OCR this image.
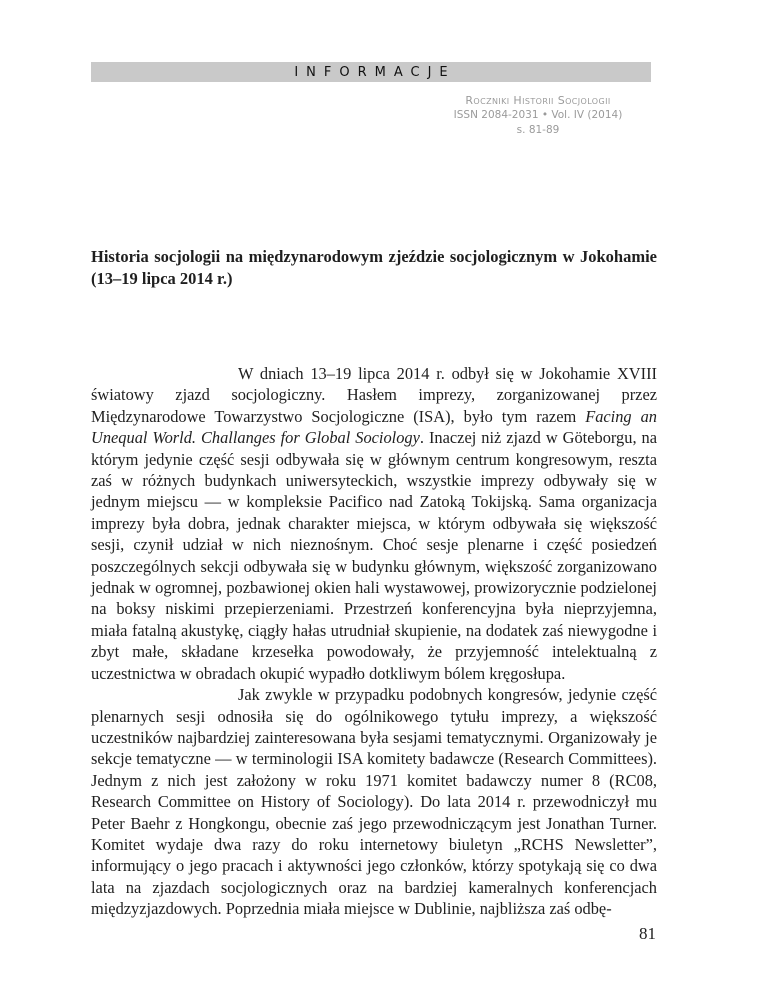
INFORMACJE
Roczniki Historii Socjologii
ISSN 2084-2031 • Vol. IV (2014)
s. 81-89
Historia socjologii na międzynarodowym zjeździe socjologicznym w Jokohamie (13–19 lipca 2014 r.)

W dniach 13–19 lipca 2014 r. odbył się w Jokohamie XVIII światowy zjazd socjologiczny. Hasłem imprezy, zorganizowanej przez Międzynarodowe Towarzystwo Socjologiczne (ISA), było tym razem Facing an Unequal World. Challanges for Global Sociology. Inaczej niż zjazd w Göteborgu, na którym jedynie część sesji odbywała się w głównym centrum kongresowym, reszta zaś w różnych budynkach uniwersyteckich, wszystkie imprezy odbywały się w jednym miejscu — w kompleksie Pacifico nad Zatoką Tokijską. Sama organizacja imprezy była dobra, jednak charakter miejsca, w którym odbywała się większość sesji, czynił udział w nich nieznośnym. Choć sesje plenarne i część posiedzeń poszczególnych sekcji odbywała się w budynku głównym, większość zorganizowano jednak w ogromnej, pozbawionej okien hali wystawowej, prowizorycznie podzielonej na boksy niskimi przepierzeniami. Przestrzeń konferencyjna była nieprzyjemna, miała fatalną akustykę, ciągły hałas utrudniał skupienie, na dodatek zaś niewygodne i zbyt małe, składane krzesełka powodowały, że przyjemność intelektualną z uczestnictwa w obradach okupić wypadło dotkliwym bólem kręgosłupa.

Jak zwykle w przypadku podobnych kongresów, jedynie część plenarnych sesji odnosiła się do ogólnikowego tytułu imprezy, a większość uczestników najbardziej zainteresowana była sesjami tematycznymi. Organizowały je sekcje tematyczne — w terminologii ISA komitety badawcze (Research Committees). Jednym z nich jest założony w roku 1971 komitet badawczy numer 8 (RC08, Research Committee on History of Sociology). Do lata 2014 r. przewodniczył mu Peter Baehr z Hongkongu, obecnie zaś jego przewodniczącym jest Jonathan Turner. Komitet wydaje dwa razy do roku internetowy biuletyn „RCHS Newsletter”, informujący o jego pracach i aktywności jego członków, którzy spotykają się co dwa lata na zjazdach socjologicznych oraz na bardziej kameralnych konferencjach międzyzjazdowych. Poprzednia miała miejsce w Dublinie, najbliższa zaś odbę-

81
